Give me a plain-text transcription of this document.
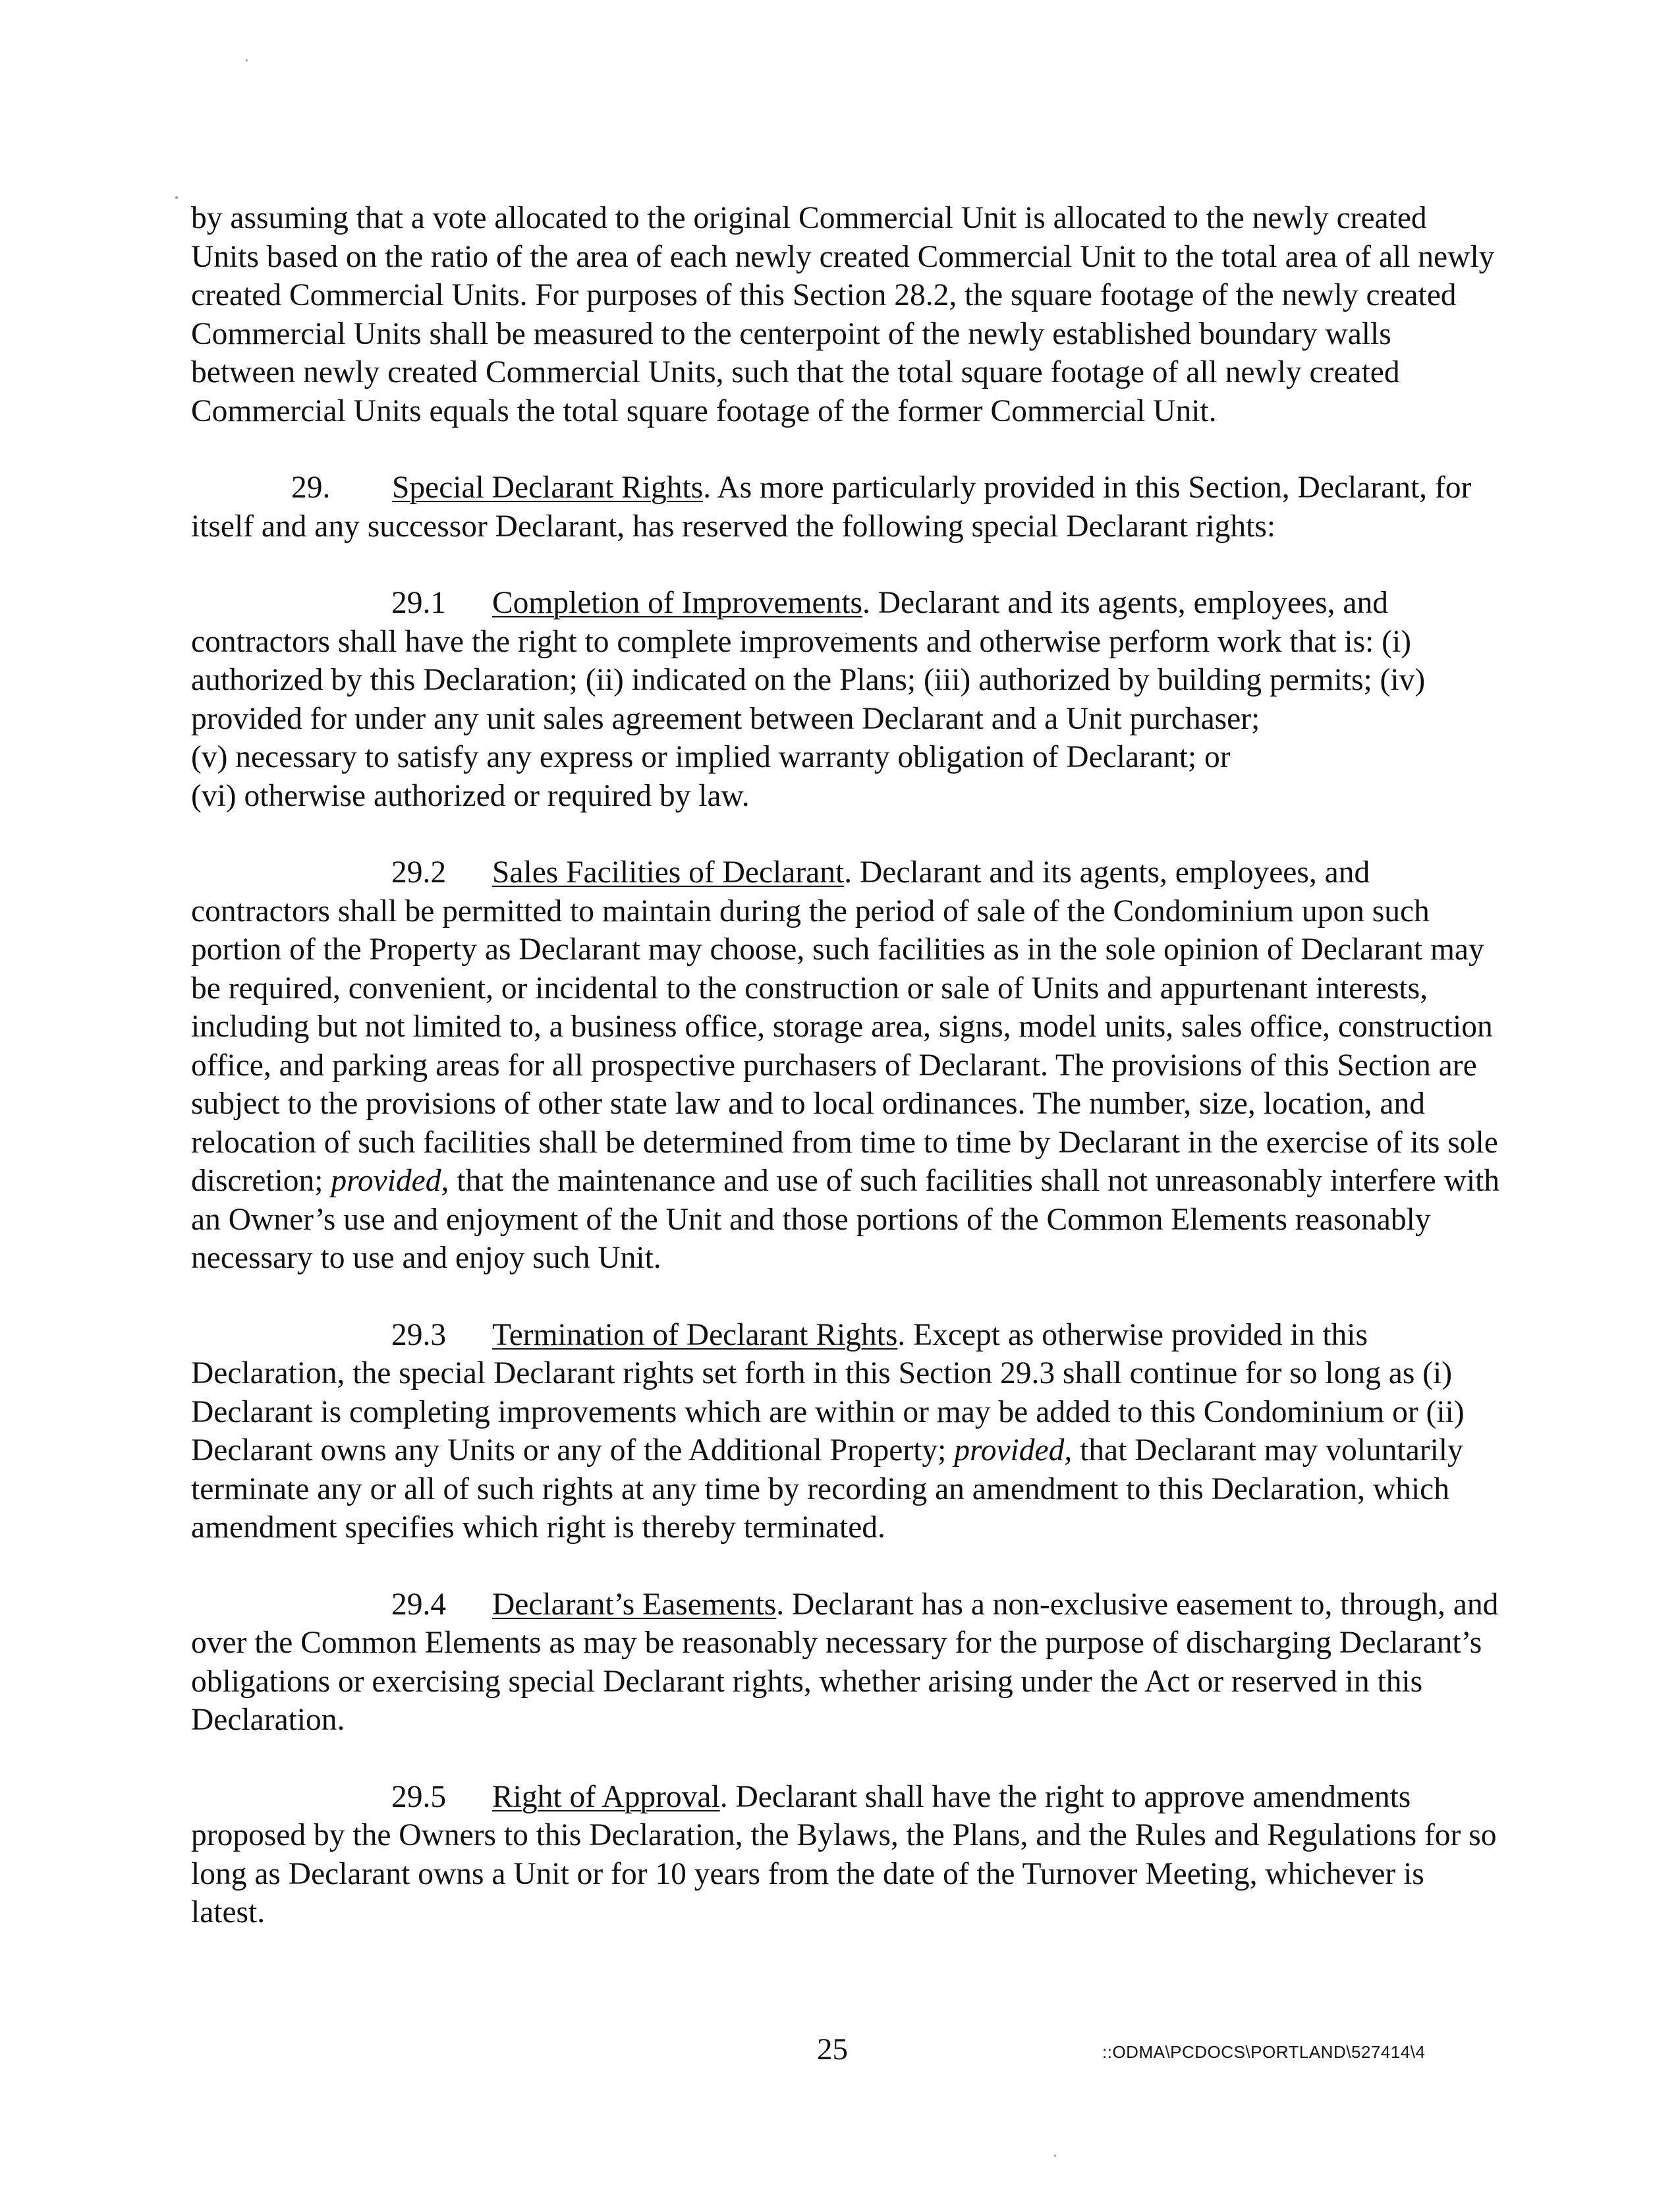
by assuming that a vote allocated to the original Commercial Unit is allocated to the newly created Units based on the ratio of the area of each newly created Commercial Unit to the total area of all newly created Commercial Units. For purposes of this Section 28.2, the square footage of the newly created Commercial Units shall be measured to the centerpoint of the newly established boundary walls between newly created Commercial Units, such that the total square footage of all newly created Commercial Units equals the total square footage of the former Commercial Unit.

29. Special Declarant Rights. As more particularly provided in this Section, Declarant, for itself and any successor Declarant, has reserved the following special Declarant rights:

29.1 Completion of Improvements. Declarant and its agents, employees, and contractors shall have the right to complete improvements and otherwise perform work that is: (i) authorized by this Declaration; (ii) indicated on the Plans; (iii) authorized by building permits; (iv) provided for under any unit sales agreement between Declarant and a Unit purchaser;
(v) necessary to satisfy any express or implied warranty obligation of Declarant; or
(vi) otherwise authorized or required by law.

29.2 Sales Facilities of Declarant. Declarant and its agents, employees, and contractors shall be permitted to maintain during the period of sale of the Condominium upon such portion of the Property as Declarant may choose, such facilities as in the sole opinion of Declarant may be required, convenient, or incidental to the construction or sale of Units and appurtenant interests, including but not limited to, a business office, storage area, signs, model units, sales office, construction office, and parking areas for all prospective purchasers of Declarant. The provisions of this Section are subject to the provisions of other state law and to local ordinances. The number, size, location, and relocation of such facilities shall be determined from time to time by Declarant in the exercise of its sole discretion; provided, that the maintenance and use of such facilities shall not unreasonably interfere with an Owner’s use and enjoyment of the Unit and those portions of the Common Elements reasonably necessary to use and enjoy such Unit.

29.3 Termination of Declarant Rights. Except as otherwise provided in this Declaration, the special Declarant rights set forth in this Section 29.3 shall continue for so long as (i) Declarant is completing improvements which are within or may be added to this Condominium or (ii) Declarant owns any Units or any of the Additional Property; provided, that Declarant may voluntarily terminate any or all of such rights at any time by recording an amendment to this Declaration, which amendment specifies which right is thereby terminated.

29.4 Declarant’s Easements. Declarant has a non-exclusive easement to, through, and over the Common Elements as may be reasonably necessary for the purpose of discharging Declarant’s obligations or exercising special Declarant rights, whether arising under the Act or reserved in this Declaration.

29.5 Right of Approval. Declarant shall have the right to approve amendments proposed by the Owners to this Declaration, the Bylaws, the Plans, and the Rules and Regulations for so long as Declarant owns a Unit or for 10 years from the date of the Turnover Meeting, whichever is latest.

25	::ODMA\PCDOCS\PORTLAND\527414\4
